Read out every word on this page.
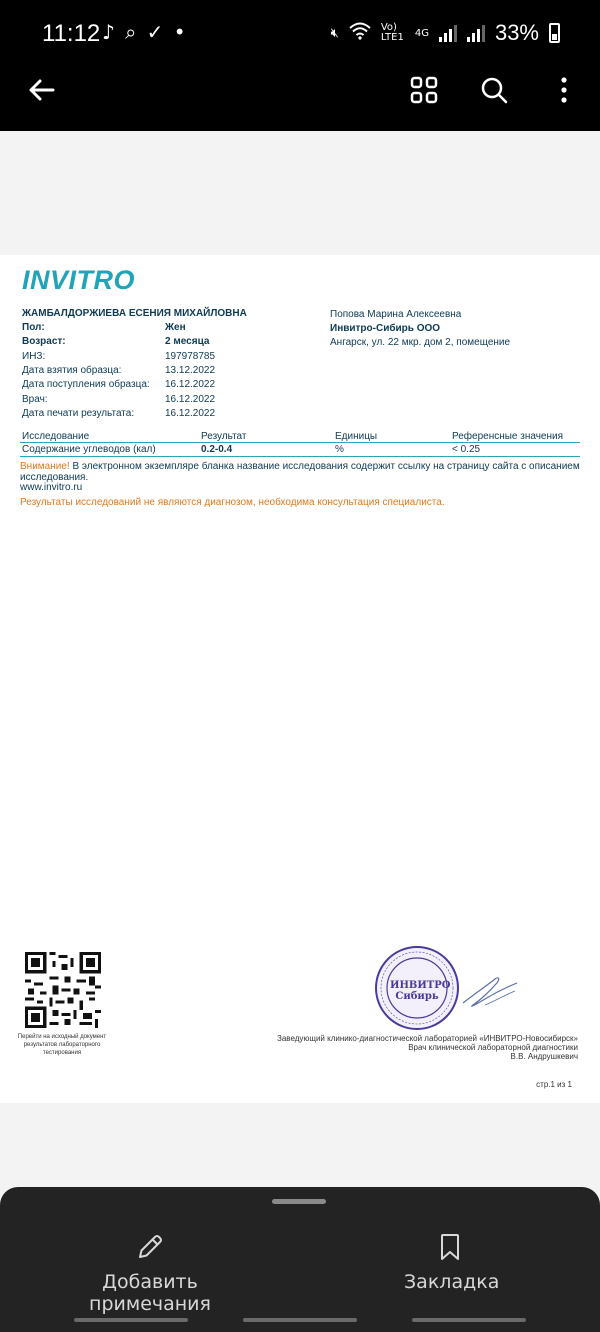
11:12 ♪ ⌕ ✓ •	🔇︎	Vo) LTE1 4G	33%
INVITRO
ЖАМБАЛДОРЖИЕВА ЕСЕНИЯ МИХАЙЛОВНА
Пол:	Жен
Возраст:	2 месяца
ИНЗ:	197978785
Дата взятия образца:	13.12.2022
Дата поступления образца: 16.12.2022
Врач:	16.12.2022
Дата печати результата:	16.12.2022
Попова Марина Алексеевна
Инвитро-Сибирь ООО
Ангарск, ул. 22 мкр. дом 2, помещение
Исследование	Результат	Единицы	Референсные значения
Содержание углеводов (кал)	0.2-0.4	%	< 0.25
Внимание! В электронном экземпляре бланка название исследования содержит ссылку на страницу сайта с описанием исследования.
www.invitro.ru
Результаты исследований не являются диагнозом, необходима консультация специалиста.
Перейти на исходный документ результатов лабораторного тестирования
ИНВИТРО Сибирь
Заведующий клинико-диагностической лабораторией «ИНВИТРО-Новосибирск»
Врач клинической лабораторной диагностики
В.В. Андрушкевич
стр.1 из 1
Добавить примечания
Закладка
